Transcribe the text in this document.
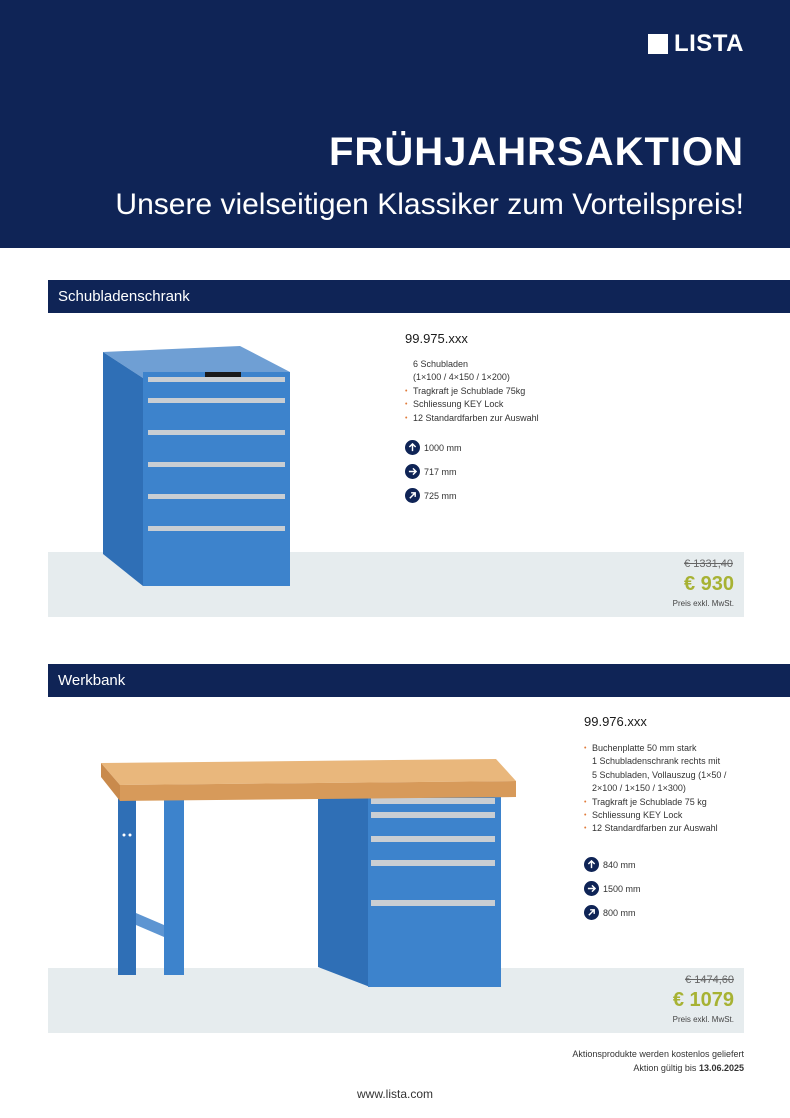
LISTA
FRÜHJAHRSAKTION
Unsere vielseitigen Klassiker zum Vorteilspreis!
Schubladenschrank
99.975.xxx
6 Schubladen
(1×100 / 4×150 / 1×200)
• Tragkraft je Schublade 75kg
• Schliessung KEY Lock
• 12 Standardfarben zur Auswahl
1000 mm
717 mm
725 mm
€ 1331,40
€ 930
Preis exkl. MwSt.
Werkbank
99.976.xxx
• Buchenplatte 50 mm stark
1 Schubladenschrank rechts mit
5 Schubladen, Vollauszug (1×50 /
2×100 / 1×150 / 1×300)
• Tragkraft je Schublade 75 kg
• Schliessung KEY Lock
• 12 Standardfarben zur Auswahl
840 mm
1500 mm
800 mm
€ 1474,60
€ 1079
Preis exkl. MwSt.
Aktionsprodukte werden kostenlos geliefert
Aktion gültig bis 13.06.2025
www.lista.com
